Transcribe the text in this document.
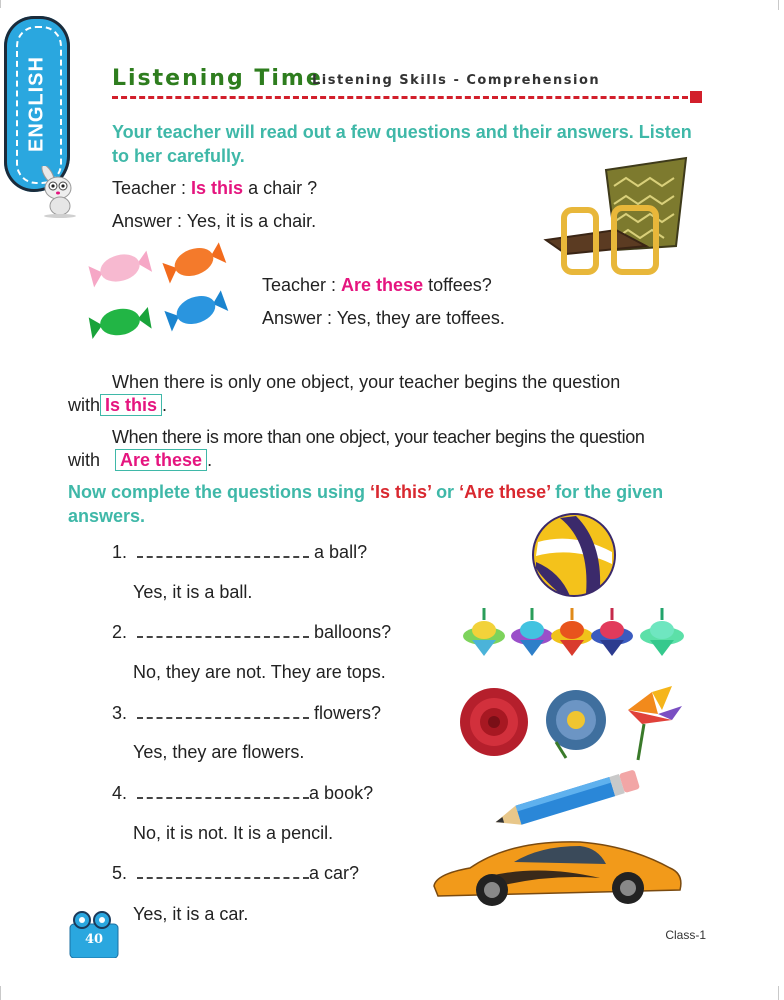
ENGLISH	Listening Time
Listening Skills - Comprehension
Your teacher will read out a few questions and their answers. Listen to her carefully.
Teacher : Is this a chair ?
Answer : Yes, it is a chair.
Teacher : Are these toffees?
Answer : Yes, they are toffees.
When there is only one object, your teacher begins the question
with Is this .
When there is more than one object, your teacher begins the question
with Are these .
Now complete the questions using ‘Is this’ or ‘Are these’ for the given answers.
1.	a ball?
Yes, it is a ball.
2.	balloons?
No, they are not. They are tops.
3.	flowers?
Yes, they are flowers.
4.	a book?
No, it is not. It is a pencil.
5.	a car?
Yes, it is a car.
40	Class-1
